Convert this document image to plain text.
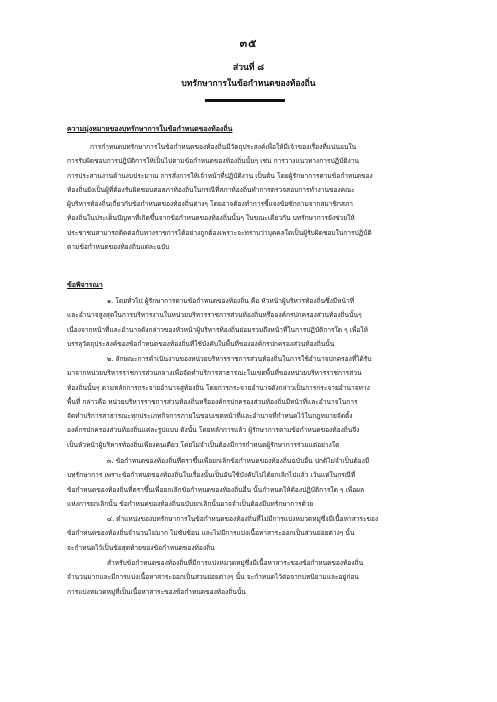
๓๕
ส่วนที่ ๘
บทรักษาการในข้อกำหนดของท้องถิ่น
ความมุ่งหมายของบทรักษาการในข้อกำหนดของท้องถิ่น
การกำหนดบทรักษาการในข้อกำหนดของท้องถิ่นมีวัตถุประสงค์เพื่อให้มีเจ้าของเรื่องที่แน่นอนใน
การรับผิดชอบการปฏิบัติการให้เป็นไปตามข้อกำหนดของท้องถิ่นนั้นๆ เช่น การวางแนวทางการปฏิบัติงาน
การประสานงานด้านงบประมาณ การสั่งการให้เจ้าหน้าที่ปฏิบัติงาน เป็นต้น โดยผู้รักษาการตามข้อกำหนดของ
ท้องถิ่นยังเป็นผู้ที่ต้องรับผิดชอบต่อสภาท้องถิ่นในกรณีที่สภาท้องถิ่นทำการตรวจสอบการทำงานของคณะ
ผู้บริหารท้องถิ่นเกี่ยวกับข้อกำหนดของท้องถิ่นต่างๆ โดยอาจต้องทำการชี้แจงข้อซักถามจากสมาชิกสภา
ท้องถิ่นในประเด็นปัญหาที่เกิดขึ้นจากข้อกำหนดของท้องถิ่นนั้นๆ ในขณะเดียวกัน บทรักษาการยังช่วยให้
ประชาชนสามารถติดต่อกับทางราชการได้อย่างถูกต้องเพราะจะทราบว่าบุคคลใดเป็นผู้รับผิดชอบในการปฏิบัติ
ตามข้อกำหนดของท้องถิ่นแต่ละฉบับ
ข้อพิจารณา
๑. โดยทั่วไป ผู้รักษาการตามข้อกำหนดของท้องถิ่น คือ หัวหน้าผู้บริหารท้องถิ่นซึ่งมีหน้าที่
และอำนาจสูงสุดในการบริหารงานในหน่วยบริหารราชการส่วนท้องถิ่นหรือองค์กรปกครองส่วนท้องถิ่นนั้นๆ
เนื่องจากหน้าที่และอำนาจดังกล่าวของหัวหน้าผู้บริหารท้องถิ่นย่อมรวมถึงหน้าที่ในการปฏิบัติการใด ๆ เพื่อให้
บรรลุวัตถุประสงค์ของข้อกำหนดของท้องถิ่นที่ใช้บังคับในพื้นที่ขององค์กรปกครองส่วนท้องถิ่นนั้น
๒. ลักษณะการดำเนินงานของหน่วยบริหารราชการส่วนท้องถิ่นในการใช้อำนาจปกครองที่ได้รับ
มาจากหน่วยบริหารราชการส่วนกลางเพื่อจัดทำบริการสาธารณะในเขตพื้นที่ของหน่วยบริหารราชการส่วน
ท้องถิ่นนั้นๆ ตามหลักการกระจายอำนาจสู่ท้องถิ่น โดยการกระจายอำนาจดังกล่าวเป็นการกระจายอำนาจทาง
พื้นที่ กล่าวคือ หน่วยบริหารราชการส่วนท้องถิ่นหรือองค์กรปกครองส่วนท้องถิ่นมีหน้าที่และอำนาจในการ
จัดทำบริการสาธารณะทุกประเภทกิจการภายในขอบเขตหน้าที่และอำนาจที่กำหนดไว้ในกฎหมายจัดตั้ง
องค์กรปกครองส่วนท้องถิ่นแต่ละรูปแบบ ดังนั้น โดยหลักการแล้ว ผู้รักษาการตามข้อกำหนดของท้องถิ่นจึง
เป็นหัวหน้าผู้บริหารท้องถิ่นเพียงคนเดียว โดยไม่จำเป็นต้องมีการกำหนดผู้รักษาการร่วมแต่อย่างใด
๓. ข้อกำหนดของท้องถิ่นที่ตราขึ้นเพื่อยกเลิกข้อกำหนดของท้องถิ่นฉบับอื่น ปกติไม่จำเป็นต้องมี
บทรักษาการ เพราะข้อกำหนดของท้องถิ่นในเรื่องนั้นเป็นอันใช้บังคับไปได้ยกเลิกไปแล้ว เว้นแต่ในกรณีที่
ข้อกำหนดของท้องถิ่นที่ตราขึ้นเพื่อยกเลิกข้อกำหนดของท้องถิ่นอื่น นั้นกำหนดให้ต้องปฏิบัติการใด ๆ เพื่อผล
แห่งการยกเลิกนั้น ข้อกำหนดของท้องถิ่นฉบับยกเลิกนั้นอาจจำเป็นต้องมีบทรักษาการด้วย
๔. ตำแหน่งของบทรักษาการในข้อกำหนดของท้องถิ่นที่ไม่มีการแบ่งหมวดหมู่ซึ่งมีเนื้อหาสาระของ
ข้อกำหนดของท้องถิ่นจำนวนไม่มาก ไม่ซับซ้อน และไม่มีการแบ่งเนื้อหาสาระออกเป็นส่วนย่อยต่างๆ นั้น
จะกำหนดไว้เป็นข้อสุดท้ายของข้อกำหนดของท้องถิ่น
สำหรับข้อกำหนดของท้องถิ่นที่มีการแบ่งหมวดหมู่ซึ่งมีเนื้อหาสาระของข้อกำหนดของท้องถิ่น
จำนวนมากและมีการแบ่งเนื้อหาสาระออกเป็นส่วนย่อยต่างๆ นั้น จะกำหนดไว้ต่อจากบทนิยามและอยู่ก่อน
การแบ่งหมวดหมู่ที่เป็นเนื้อหาสาระของข้อกำหนดของท้องถิ่นนั้น
